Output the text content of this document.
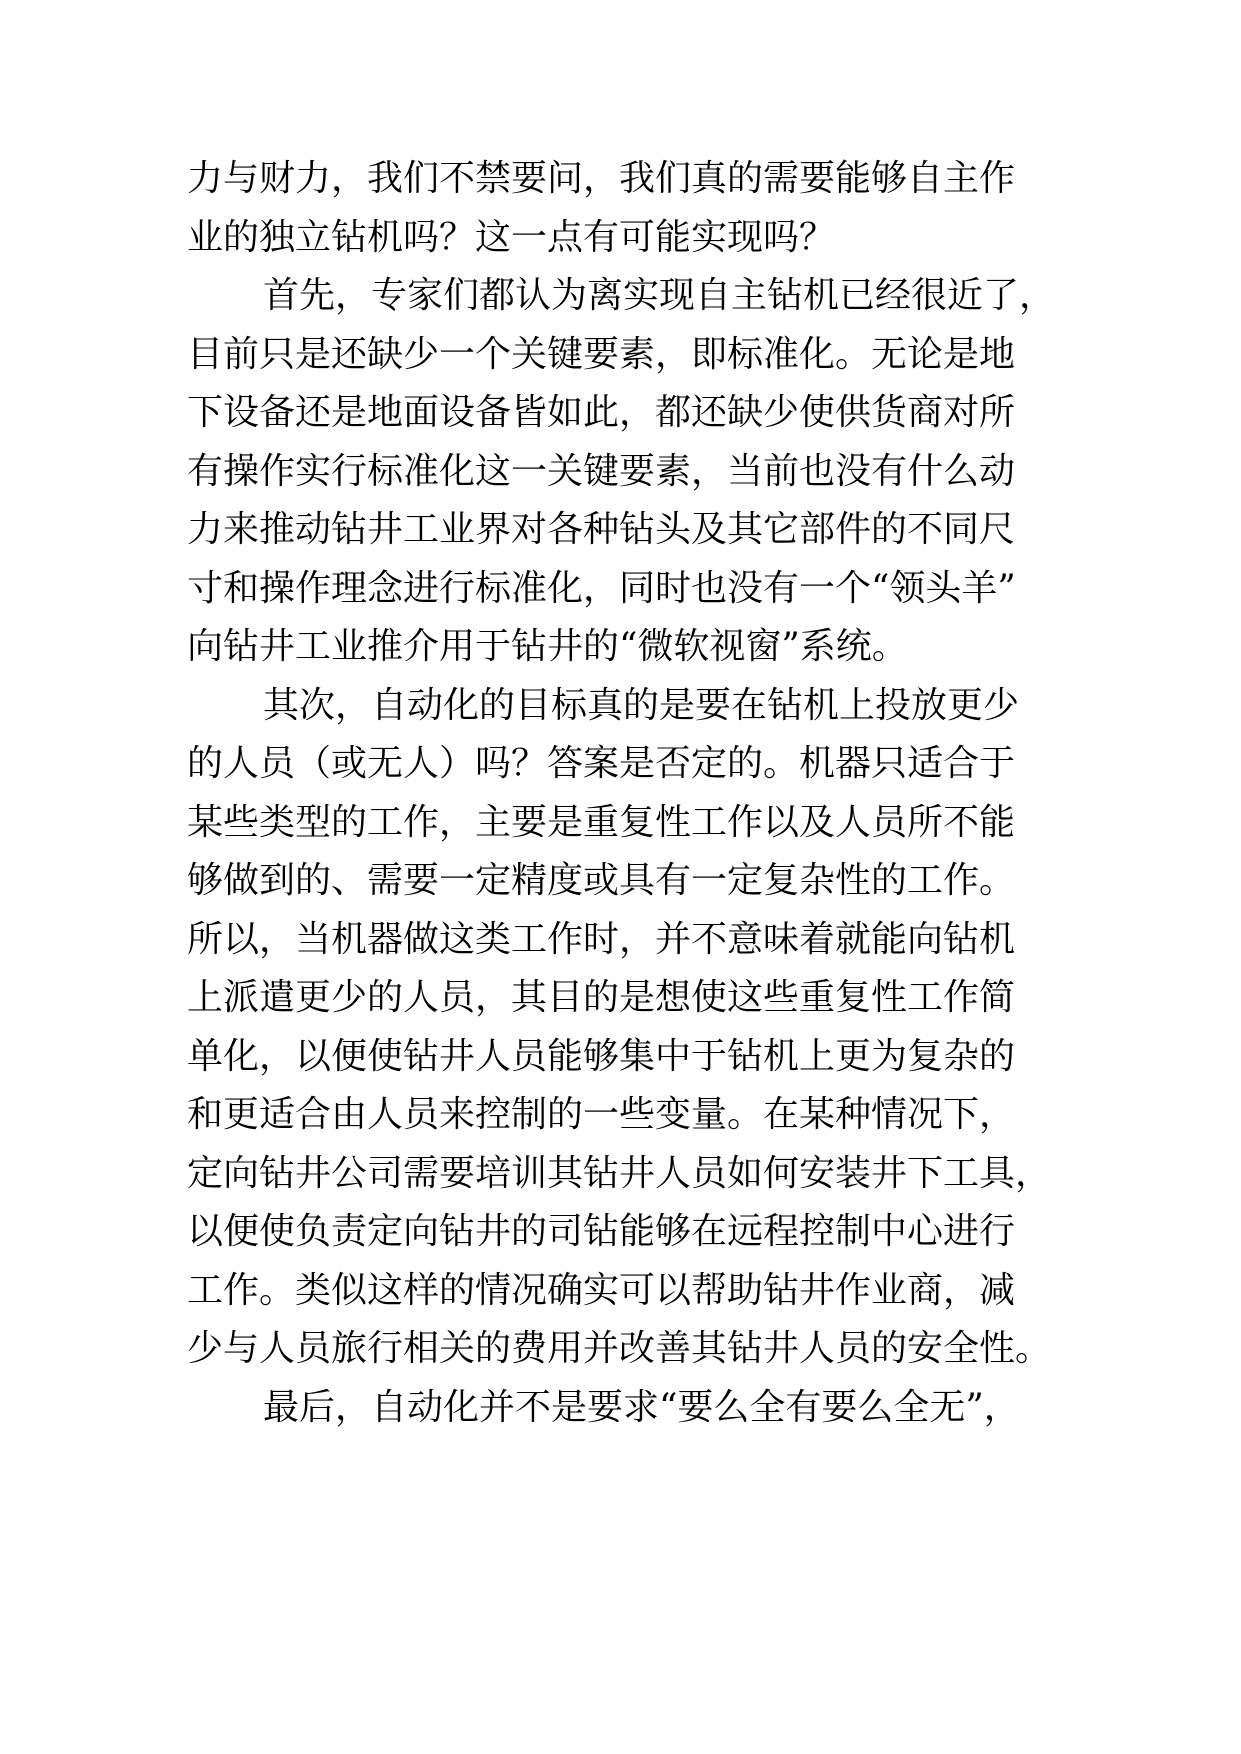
力与财力，我们不禁要问，我们真的需要能够自主作
业的独立钻机吗？这一点有可能实现吗？
首先，专家们都认为离实现自主钻机已经很近了，
目前只是还缺少一个关键要素，即标准化。无论是地
下设备还是地面设备皆如此，都还缺少使供货商对所
有操作实行标准化这一关键要素，当前也没有什么动
力来推动钻井工业界对各种钻头及其它部件的不同尺
寸和操作理念进行标准化，同时也没有一个“领头羊”
向钻井工业推介用于钻井的“微软视窗”系统。
其次，自动化的目标真的是要在钻机上投放更少
的人员（或无人）吗？答案是否定的。机器只适合于
某些类型的工作，主要是重复性工作以及人员所不能
够做到的、需要一定精度或具有一定复杂性的工作。
所以，当机器做这类工作时，并不意味着就能向钻机
上派遣更少的人员，其目的是想使这些重复性工作简
单化，以便使钻井人员能够集中于钻机上更为复杂的
和更适合由人员来控制的一些变量。在某种情况下，
定向钻井公司需要培训其钻井人员如何安装井下工具，
以便使负责定向钻井的司钻能够在远程控制中心进行
工作。类似这样的情况确实可以帮助钻井作业商，减
少与人员旅行相关的费用并改善其钻井人员的安全性。
最后，自动化并不是要求“要么全有要么全无”，
